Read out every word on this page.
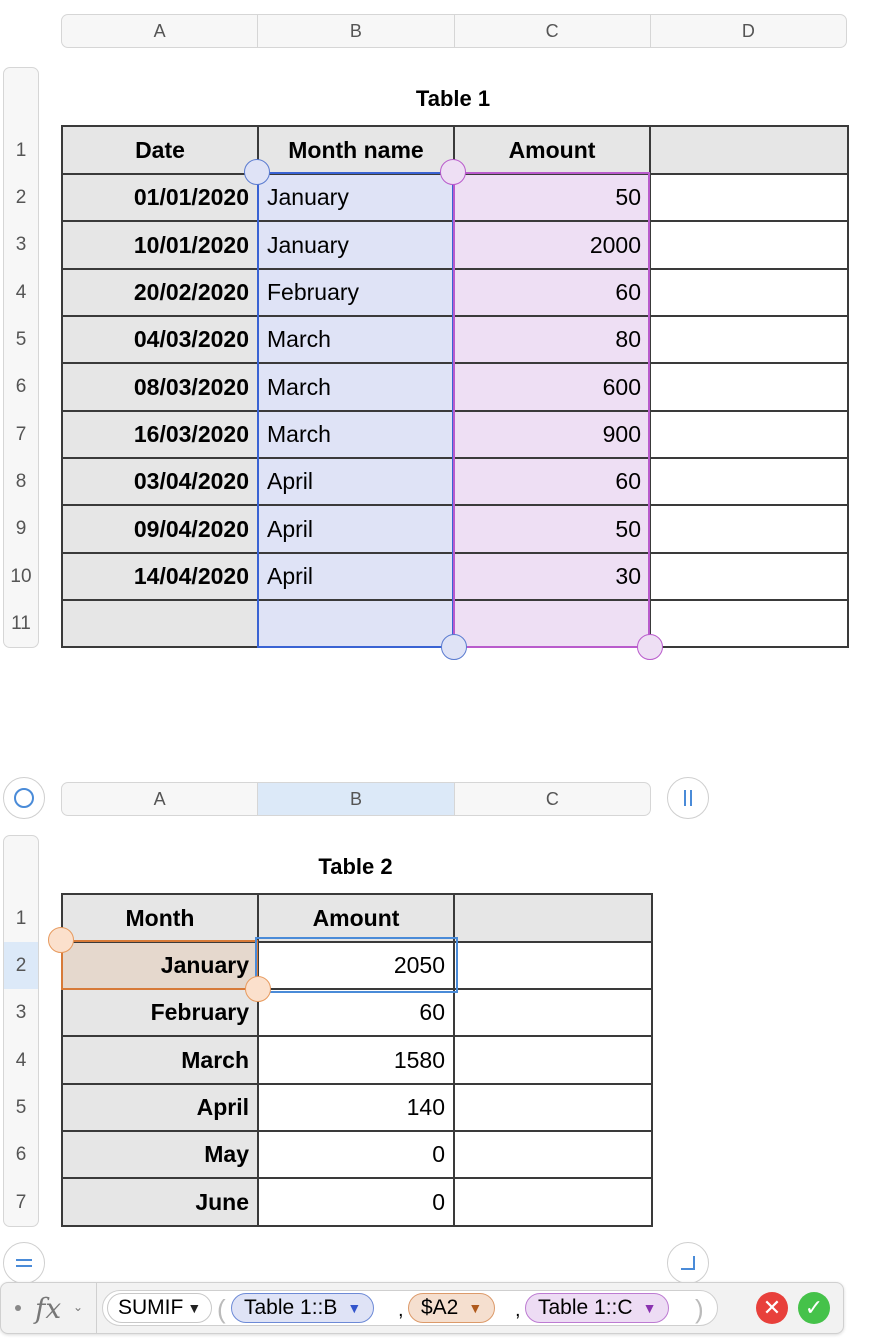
A	B	C	D
1
2
3
4
5
6
7
8
9
10
11
Table 1
Date	Month name	Amount	
01/01/2020	January	50	
10/01/2020	January	2000	
20/02/2020	February	60	
04/03/2020	March	80	
08/03/2020	March	600	
16/03/2020	March	900	
03/04/2020	April	60	
09/04/2020	April	50	
14/04/2020	April	30	

A	B	C
1
2
3
4
5
6
7
Table 2
Month	Amount	
January	2050	
February	60	
March	1580	
April	140	
May	0	
June	0	
fx ⌄ SUMIF ▼ ( Table 1::B ▼ , $A2 ▼ , Table 1::C ▼ )	✕	✓
